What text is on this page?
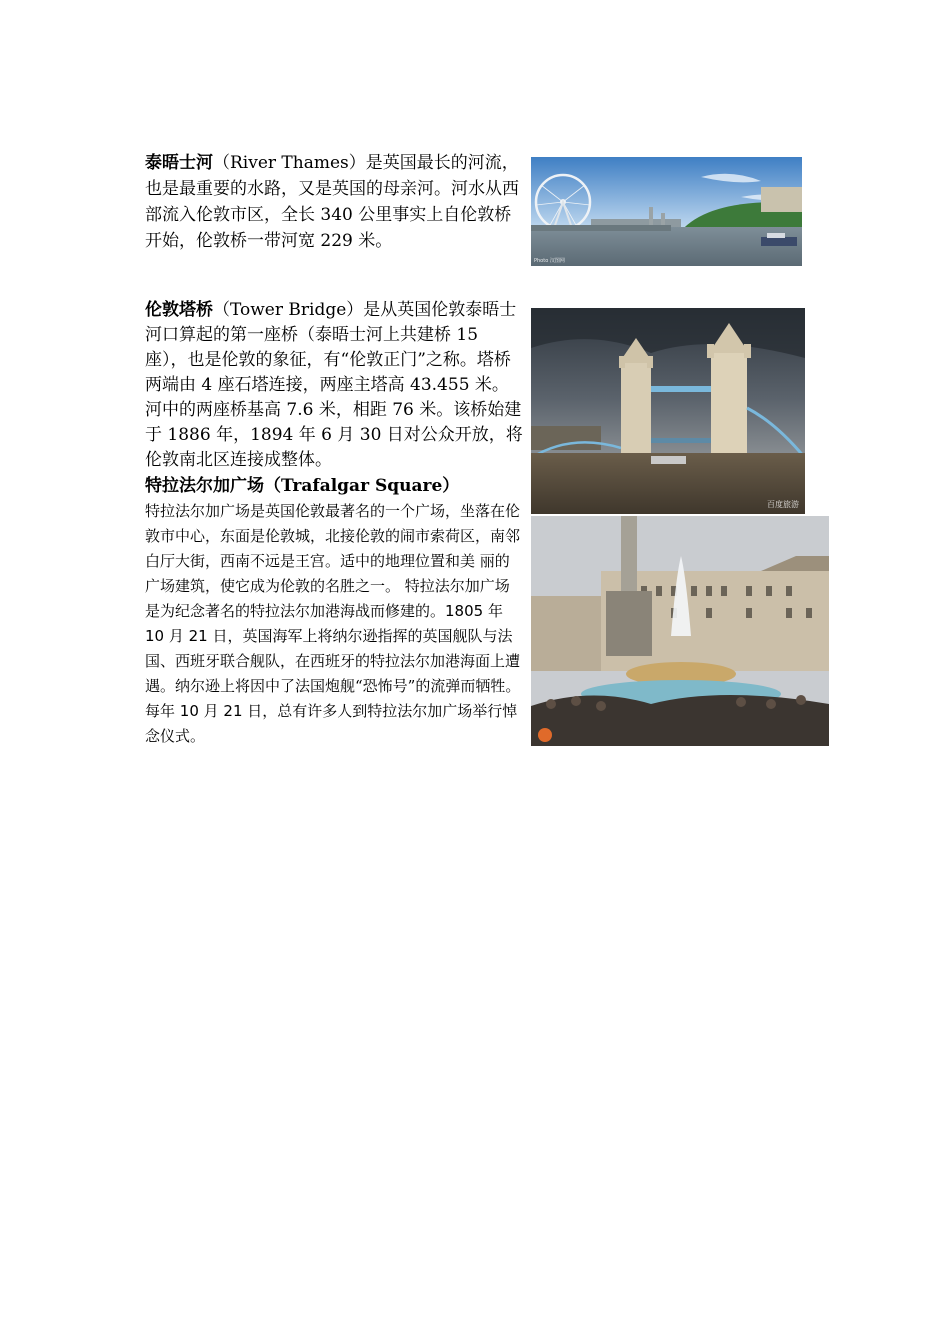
泰晤士河（River Thames）是英国最长的河流，也是最重要的水路，又是英国的母亲河。河水从西部流入伦敦市区，全长 340 公里事实上自伦敦桥开始，伦敦桥一带河宽 229 米。
Photo 汉图网
伦敦塔桥（Tower Bridge）是从英国伦敦泰晤士河口算起的第一座桥（泰晤士河上共建桥 15 座），也是伦敦的象征，有“伦敦正门”之称。塔桥两端由 4 座石塔连接，两座主塔高 43.455 米。河中的两座桥基高 7.6 米，相距 76 米。该桥始建于 1886 年，1894 年 6 月 30 日对公众开放，将伦敦南北区连接成整体。
百度旅游
特拉法尔加广场（Trafalgar Square）
特拉法尔加广场是英国伦敦最著名的一个广场，坐落在伦敦市中心，东面是伦敦城，北接伦敦的闹市索荷区，南邻白厅大街，西南不远是王宫。适中的地理位置和美 丽的广场建筑，使它成为伦敦的名胜之一。 特拉法尔加广场是为纪念著名的特拉法尔加港海战而修建的。1805 年 10 月 21 日，英国海军上将纳尔逊指挥的英国舰队与法国、西班牙联合舰队，在西班牙的特拉法尔加港海面上遭遇。纳尔逊上将因中了法国炮舰“恐怖号”的流弹而牺牲。每年 10 月 21 日，总有许多人到特拉法尔加广场举行悼念仪式。
